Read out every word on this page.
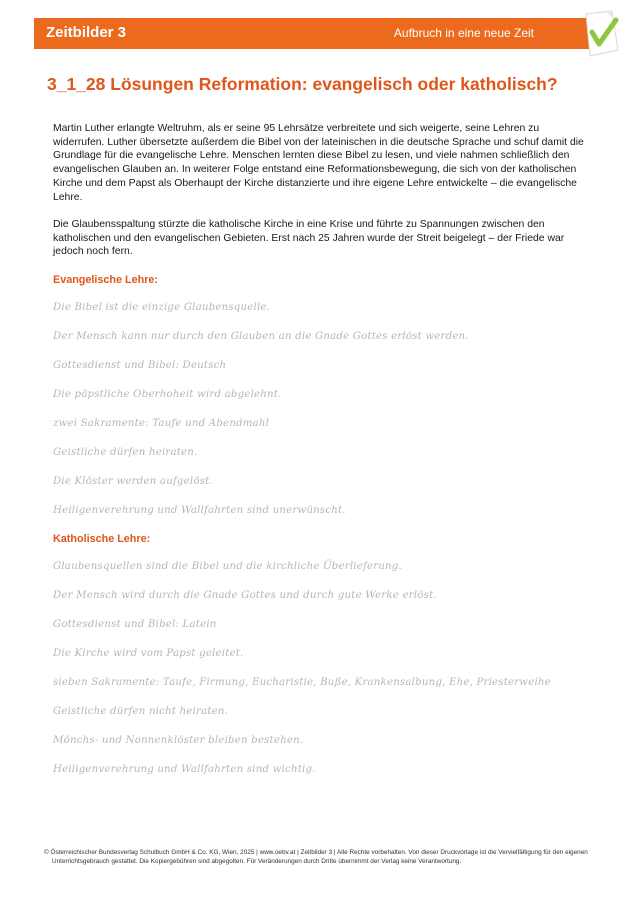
Zeitbilder 3	Aufbruch in eine neue Zeit
3_1_28 Lösungen Reformation: evangelisch oder katholisch?

Martin Luther erlangte Weltruhm, als er seine 95 Lehrsätze verbreitete und sich weigerte, seine Lehren zu widerrufen. Luther übersetzte außerdem die Bibel von der lateinischen in die deutsche Sprache und schuf damit die Grundlage für die evangelische Lehre. Menschen lernten diese Bibel zu lesen, und viele nahmen schließlich den evangelischen Glauben an. In weiterer Folge entstand eine Reformationsbewegung, die sich von der katholischen Kirche und dem Papst als Oberhaupt der Kirche distanzierte und ihre eigene Lehre entwickelte – die evangelische Lehre.

Die Glaubensspaltung stürzte die katholische Kirche in eine Krise und führte zu Spannungen zwischen den katholischen und den evangelischen Gebieten. Erst nach 25 Jahren wurde der Streit beigelegt – der Friede war jedoch noch fern.

Evangelische Lehre:

Die Bibel ist die einzige Glaubensquelle.

Der Mensch kann nur durch den Glauben an die Gnade Gottes erlöst werden.

Gottesdienst und Bibel: Deutsch

Die päpstliche Oberhoheit wird abgelehnt.

zwei Sakramente: Taufe und Abendmahl

Geistliche dürfen heiraten.

Die Klöster werden aufgelöst.

Heiligenverehrung und Wallfahrten sind unerwünscht.

Katholische Lehre:

Glaubensquellen sind die Bibel und die kirchliche Überlieferung.

Der Mensch wird durch die Gnade Gottes und durch gute Werke erlöst.

Gottesdienst und Bibel: Latein

Die Kirche wird vom Papst geleitet.

sieben Sakramente: Taufe, Firmung, Eucharistie, Buße, Krankensalbung, Ehe, Priesterweihe

Geistliche dürfen nicht heiraten.

Mönchs- und Nonnenklöster bleiben bestehen.

Heiligenverehrung und Wallfahrten sind wichtig.

© Österreichischer Bundesverlag Schulbuch GmbH & Co. KG, Wien, 2025 | www.oebv.at | Zeitbilder 3 | Alle Rechte vorbehalten. Von dieser Druckvorlage ist die Vervielfältigung für den eigenen
Unterrichtsgebrauch gestattet. Die Kopiergebühren sind abgegolten. Für Veränderungen durch Dritte übernimmt der Verlag keine Verantwortung.
